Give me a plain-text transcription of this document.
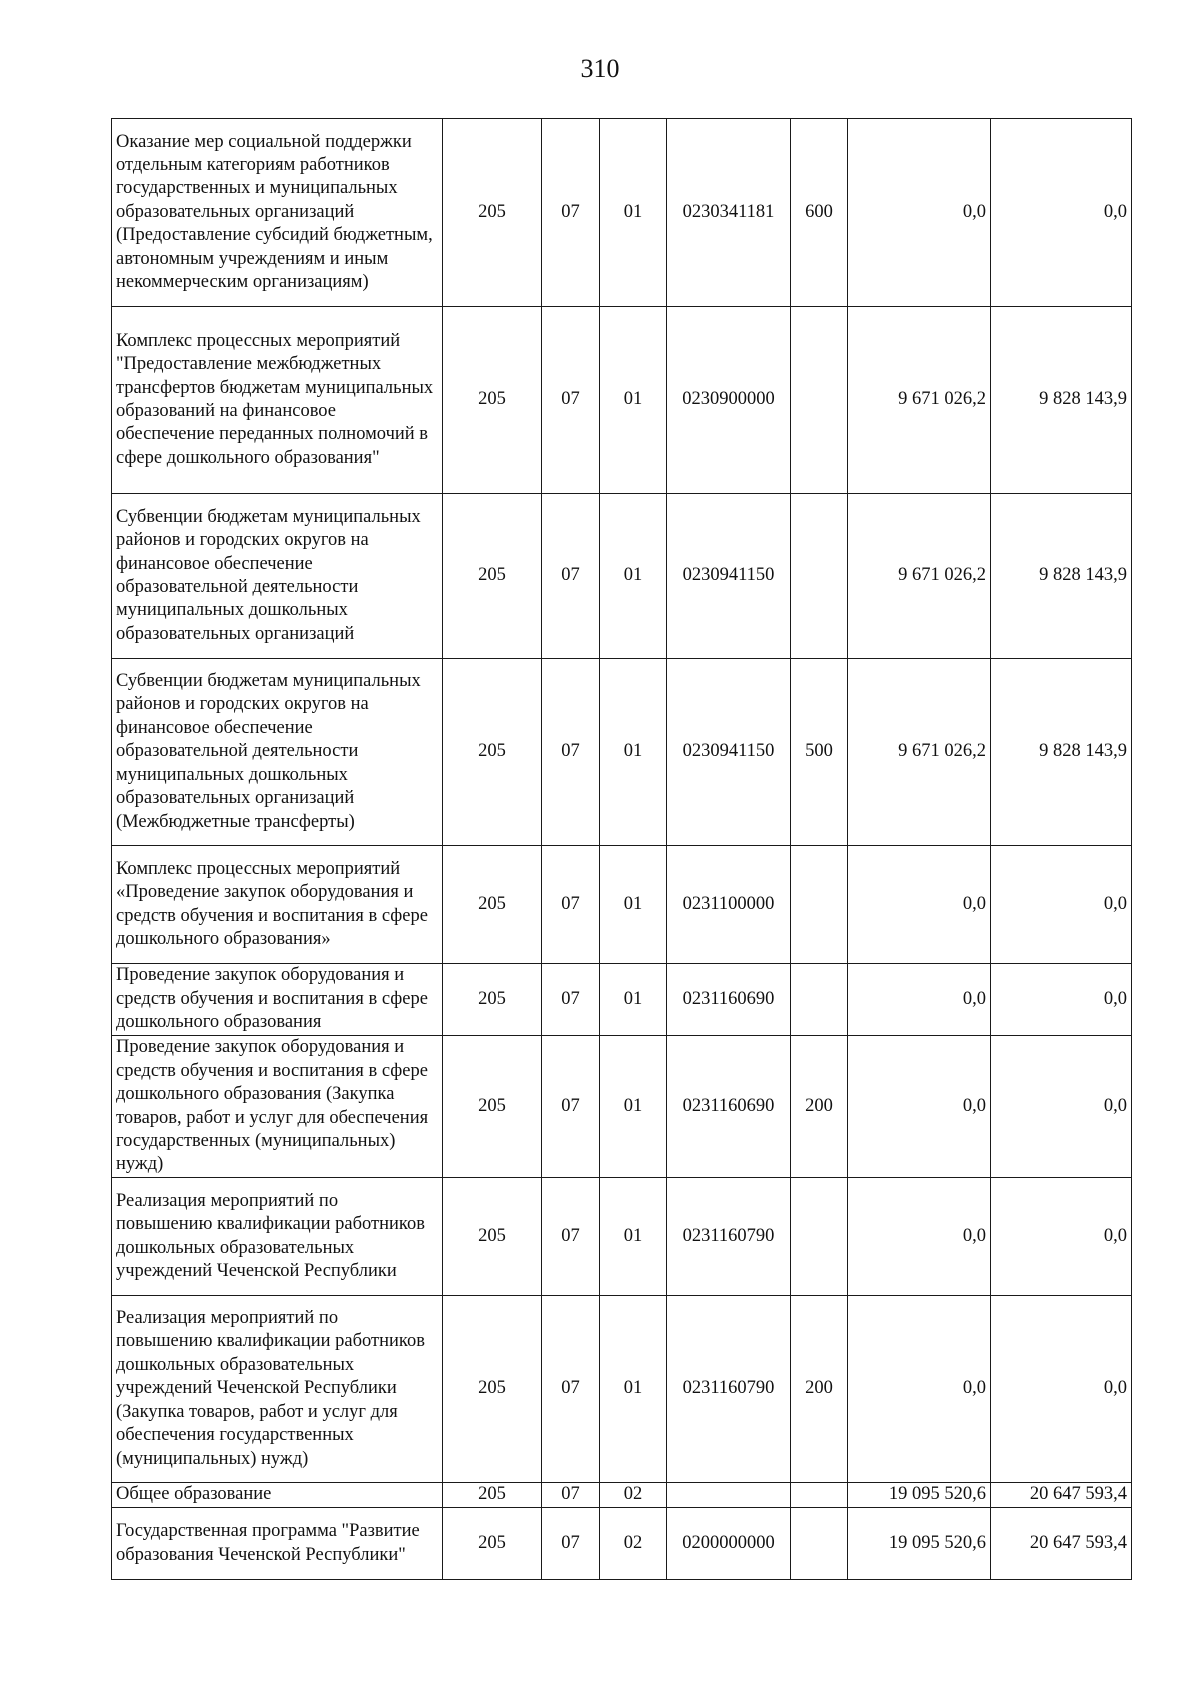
310
Оказание мер социальной поддержки отдельным категориям работников государственных и муниципальных образовательных организаций (Предоставление субсидий бюджетным, автономным учреждениям и иным некоммерческим организациям)	205	07	01	0230341181	600	0,0	0,0
Комплекс процессных мероприятий "Предоставление межбюджетных трансфертов бюджетам муниципальных образований на финансовое обеспечение переданных полномочий в сфере дошкольного образования"	205	07	01	0230900000		9 671 026,2	9 828 143,9
Субвенции бюджетам муниципальных районов и городских округов на финансовое обеспечение образовательной деятельности муниципальных дошкольных образовательных организаций	205	07	01	0230941150		9 671 026,2	9 828 143,9
Субвенции бюджетам муниципальных районов и городских округов на финансовое обеспечение образовательной деятельности муниципальных дошкольных образовательных организаций (Межбюджетные трансферты)	205	07	01	0230941150	500	9 671 026,2	9 828 143,9
Комплекс процессных мероприятий «Проведение закупок оборудования и средств обучения и воспитания в сфере дошкольного образования»	205	07	01	0231100000		0,0	0,0
Проведение закупок оборудования и средств обучения и воспитания в сфере дошкольного образования	205	07	01	0231160690		0,0	0,0
Проведение закупок оборудования и средств обучения и воспитания в сфере дошкольного образования (Закупка товаров, работ и услуг для обеспечения государственных (муниципальных) нужд)	205	07	01	0231160690	200	0,0	0,0
Реализация мероприятий по повышению квалификации работников дошкольных образовательных учреждений Чеченской Республики	205	07	01	0231160790		0,0	0,0
Реализация мероприятий по повышению квалификации работников дошкольных образовательных учреждений Чеченской Республики (Закупка товаров, работ и услуг для обеспечения государственных (муниципальных) нужд)	205	07	01	0231160790	200	0,0	0,0
Общее образование	205	07	02			19 095 520,6	20 647 593,4
Государственная программа "Развитие образования Чеченской Республики"	205	07	02	0200000000		19 095 520,6	20 647 593,4
